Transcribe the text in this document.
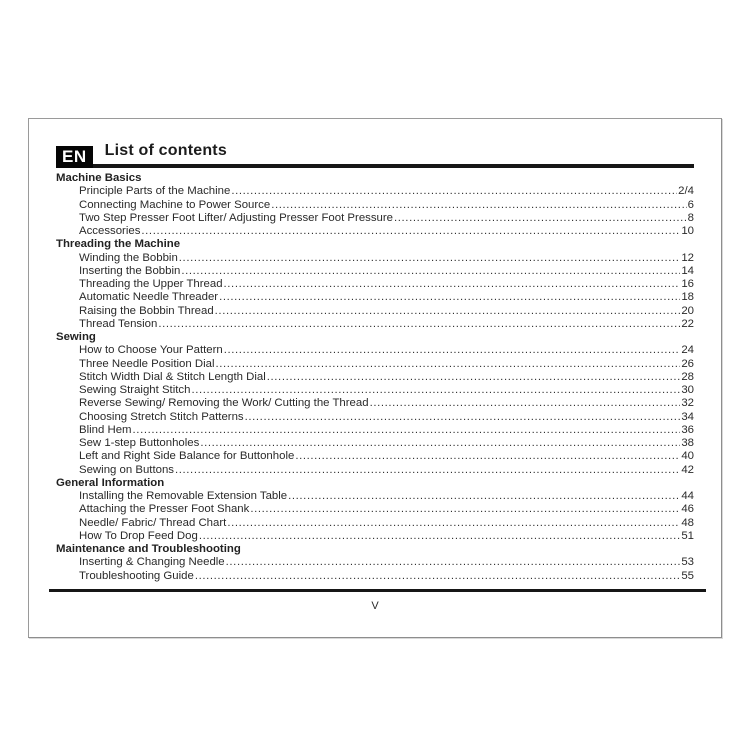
EN	List of contents
Machine Basics
Principle Parts of the Machine .....	2/4
Connecting Machine to Power Source .....	6
Two Step Presser Foot Lifter/ Adjusting Presser Foot Pressure .....	8
Accessories .....	10
Threading the Machine
Winding the Bobbin .....	12
Inserting the Bobbin .....	14
Threading the Upper Thread .....	16
Automatic Needle Threader .....	18
Raising the Bobbin Thread .....	20
Thread Tension .....	22
Sewing
How to Choose Your Pattern .....	24
Three Needle Position Dial .....	26
Stitch Width Dial & Stitch Length Dial .....	28
Sewing Straight Stitch .....	30
Reverse Sewing/ Removing the Work/ Cutting the Thread .....	32
Choosing Stretch Stitch Patterns .....	34
Blind Hem .....	36
Sew 1-step Buttonholes .....	38
Left and Right Side Balance for Buttonhole .....	40
Sewing on Buttons .....	42
General Information
Installing the Removable Extension Table .....	44
Attaching the Presser Foot Shank .....	46
Needle/ Fabric/ Thread Chart .....	48
How To Drop Feed Dog .....	51
Maintenance and Troubleshooting
Inserting & Changing Needle .....	53
Troubleshooting Guide .....	55
V
